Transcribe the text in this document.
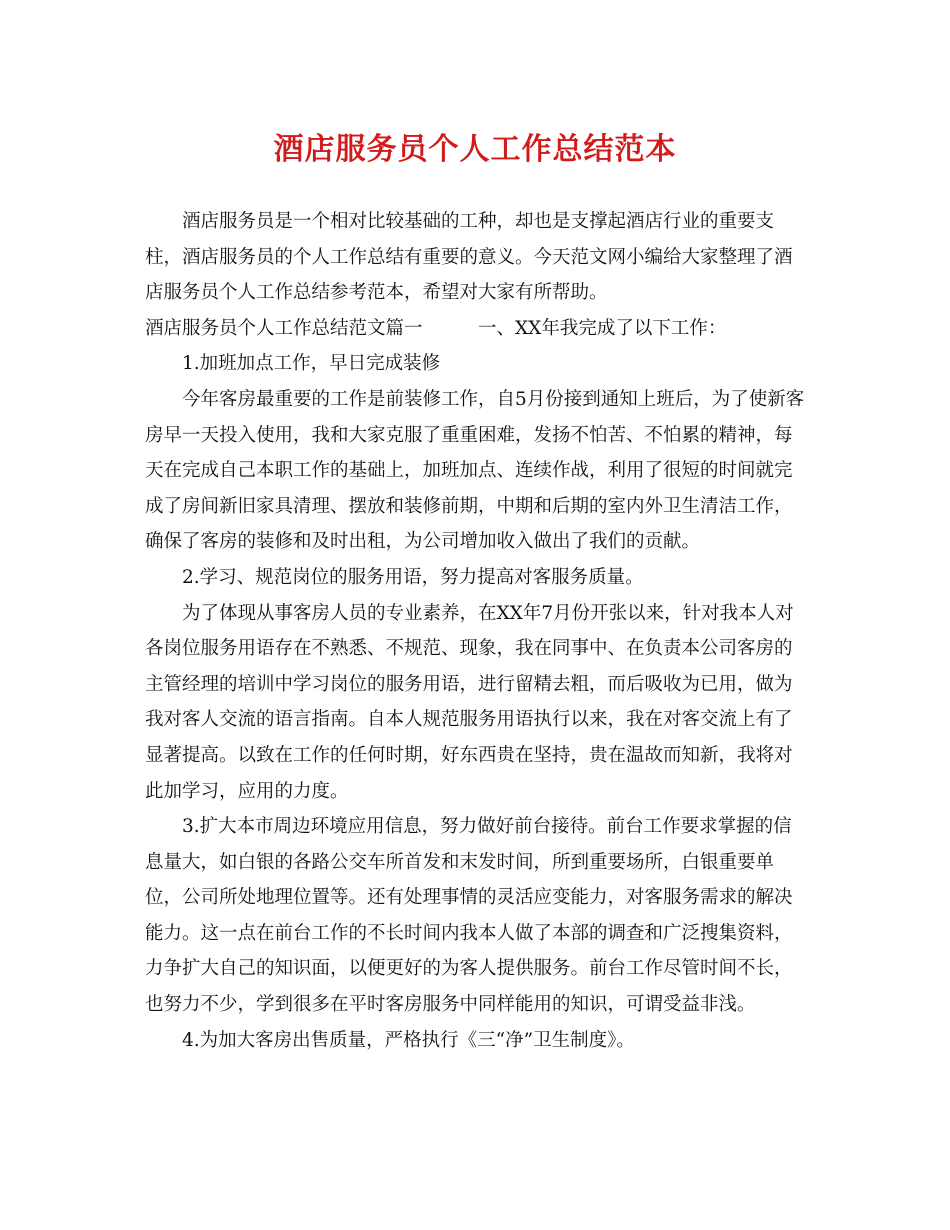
酒店服务员个人工作总结范本

酒店服务员是一个相对比较基础的工种，却也是支撑起酒店行业的重要支柱，酒店服务员的个人工作总结有重要的意义。今天范文网小编给大家整理了酒店服务员个人工作总结参考范本，希望对大家有所帮助。

酒店服务员个人工作总结范文篇一　　　一、XX年我完成了以下工作：

1.加班加点工作，早日完成装修

今年客房最重要的工作是前装修工作，自5月份接到通知上班后，为了使新客房早一天投入使用，我和大家克服了重重困难，发扬不怕苦、不怕累的精神，每天在完成自己本职工作的基础上，加班加点、连续作战，利用了很短的时间就完成了房间新旧家具清理、摆放和装修前期，中期和后期的室内外卫生清洁工作，确保了客房的装修和及时出租，为公司增加收入做出了我们的贡献。

2.学习、规范岗位的服务用语，努力提高对客服务质量。

为了体现从事客房人员的专业素养，在XX年7月份开张以来，针对我本人对各岗位服务用语存在不熟悉、不规范、现象，我在同事中、在负责本公司客房的主管经理的培训中学习岗位的服务用语，进行留精去粗，而后吸收为已用，做为我对客人交流的语言指南。自本人规范服务用语执行以来，我在对客交流上有了显著提高。以致在工作的任何时期，好东西贵在坚持，贵在温故而知新，我将对此加学习，应用的力度。

3.扩大本市周边环境应用信息，努力做好前台接待。前台工作要求掌握的信息量大，如白银的各路公交车所首发和末发时间，所到重要场所，白银重要单位，公司所处地理位置等。还有处理事情的灵活应变能力，对客服务需求的解决能力。这一点在前台工作的不长时间内我本人做了本部的调查和广泛搜集资料，力争扩大自己的知识面，以便更好的为客人提供服务。前台工作尽管时间不长，也努力不少，学到很多在平时客房服务中同样能用的知识，可谓受益非浅。

4.为加大客房出售质量，严格执行《三“净”卫生制度》。
